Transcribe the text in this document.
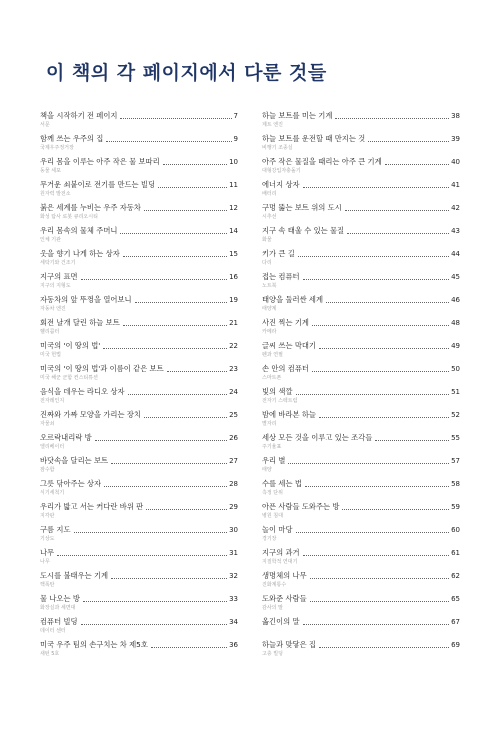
이 책의 각 페이지에서 다룬 것들
책을 시작하기 전 페이지	7
서문
함께 쓰는 우주의 집	9
국제우주정거장
우리 몸을 이루는 아주 작은 물 보따리	10
동물 세포
무거운 쇠붙이로 전기를 만드는 빌딩	11
원자력 발전소
붉은 세계를 누비는 우주 자동차	12
화성 탐사 로봇 큐리오시티
우리 몸속의 물체 주머니	14
인체 기관
옷을 향기 나게 하는 상자	15
세탁기와 건조기
지구의 표면	16
지구의 지형도
자동차의 앞 뚜껑을 열어보니	19
자동차 엔진
회전 날개 달린 하늘 보트	21
헬리콥터
미국의 '이 땅의 법'	22
미국 헌법
미국의 '이 땅의 법'과 이름이 같은 보트	23
미국 해군 군함 컨스티튜션
음식을 데우는 라디오 상자	24
전자레인지
진짜와 가짜 모양을 가리는 장치	25
자물쇠
오르락내리락 방	26
엘리베이터
바닷속을 달리는 보트	27
잠수함
그릇 닦아주는 상자	28
식기세척기
우리가 밟고 서는 커다란 바위 판	29
지각판
구름 지도	30
기상도
나무	31
나무
도시를 불태우는 기계	32
핵폭탄
물 나오는 방	33
화장실과 세면대
컴퓨터 빌딩	34
데이터 센터
미국 우주 팀의 손구치는 차 제5호	36
새턴 5호
하늘 보트를 미는 기계	38
제트 엔진
하늘 보트를 운전할 때 만지는 것	39
비행기 조종실
아주 작은 물질을 때리는 아주 큰 기계	40
대형강입자충돌기
에너지 상자	41
배터리
구멍 뚫는 보트 위의 도시	42
시추선
지구 속 태울 수 있는 물질	43
화물
키가 큰 길	44
다리
접는 컴퓨터	45
노트북
태양을 둘러싼 세계	46
태양계
사진 찍는 기계	48
카메라
글씨 쓰는 막대기	49
펜과 연필
손 안의 컴퓨터	50
스마트폰
빛의 색깔	51
전자기 스펙트럼
밤에 바라본 하늘	52
별자리
세상 모든 것을 이루고 있는 조각들	55
주기율표
우리 별	57
태양
수를 세는 법	58
측정 단위
아픈 사람들 도와주는 방	59
병원 침대
놀이 마당	60
경기장
지구의 과거	61
지질학적 연대기
생명체의 나무	62
진화계통수
도와준 사람들	65
감사의 말
옮긴이의 말	67
하늘과 맞닿은 집	69
고층 빌딩
